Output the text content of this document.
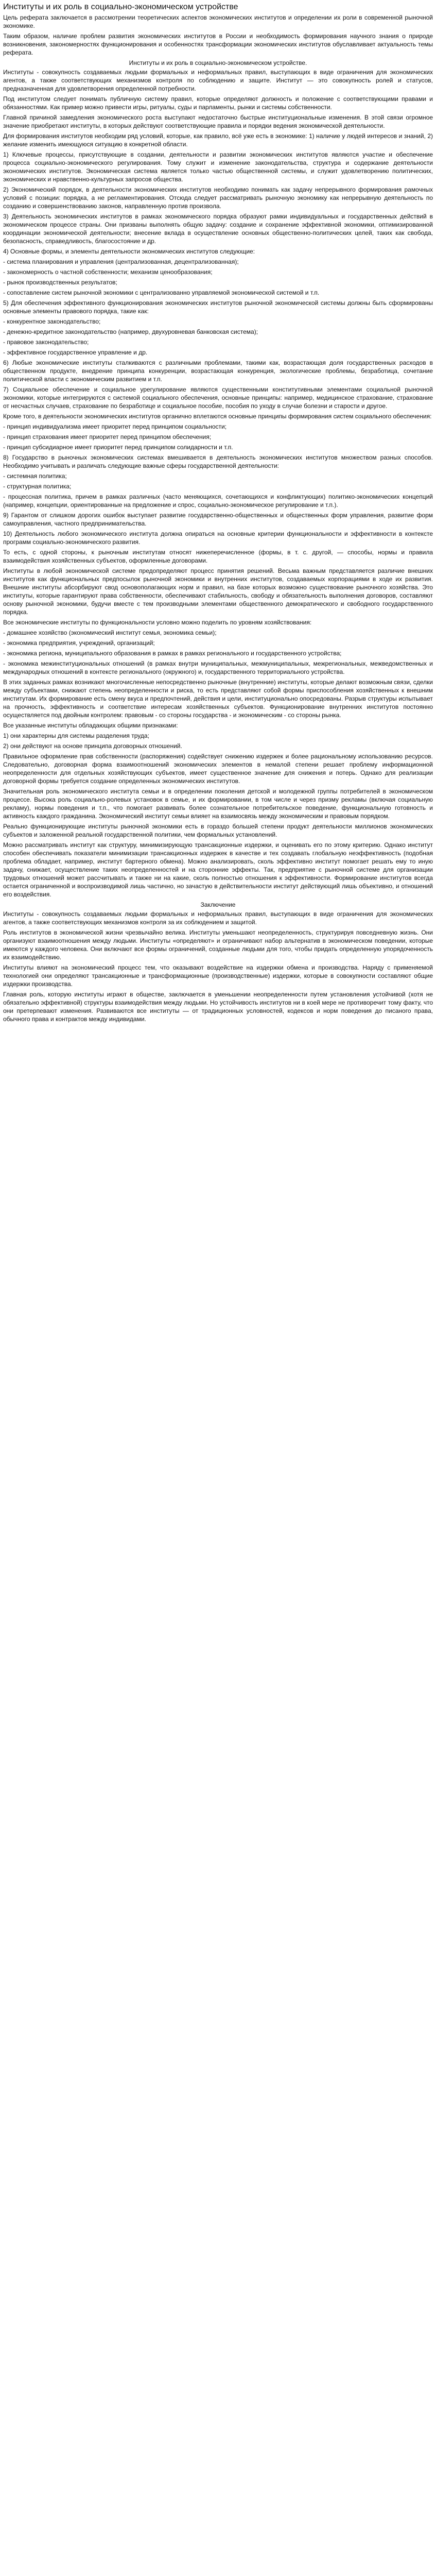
Институты и их роль в социально-экономическом устройстве
Цель реферата заключается в рассмотрении теоретических аспектов экономических институтов и определении их роли в современной рыночной экономике.
Таким образом, наличие проблем развития экономических институтов в России и необходимость формирования научного знания о природе возникновения, закономерностях функционирования и особенностях трансформации экономических институтов обуславливает актуальность темы реферата.
Институты и их роль в социально-экономическом устройстве.
Институты - совокупность создаваемых людьми формальных и неформальных правил, выступающих в виде ограничения для экономических агентов, а также соответствующих механизмов контроля по соблюдению и защите. Институт — это совокупность ролей и статусов, предназначенная для удовлетворения определенной потребности.
Под институтом следует понимать публичную систему правил, которые определяют должность и положение с соответствующими правами и обязанностями. Как пример можно привести игры, ритуалы, суды и парламенты, рынки и системы собственности.
Главной причиной замедления экономического роста выступают недостаточно быстрые институциональные изменения. В этой связи огромное значение приобретают институты, в которых действуют соответствующие правила и порядки ведения экономической деятельности.
Для формирования институтов необходим ряд условий, которые, как правило, всё уже есть в экономике: 1) наличие у людей интересов и знаний, 2) желание изменить имеющуюся ситуацию в конкретной области.
1) Ключевые процессы, присутствующие в создании, деятельности и развитии экономических институтов являются участие и обеспечение процесса социально-экономического регулирования. Тому служит и изменение законодательства, структура и содержание деятельности экономических институтов. Экономическая система является только частью общественной системы, и служит удовлетворению политических, экономических и нравственно-культурных запросов общества.
2) Экономический порядок, в деятельности экономических институтов необходимо понимать как задачу непрерывного формирования рамочных условий с позиции: порядка, а не регламентирования. Отсюда следует рассматривать рыночную экономику как непрерывную деятельность по созданию и совершенствованию законов, направленную против произвола.
3) Деятельность экономических институтов в рамках экономического порядка образуют рамки индивидуальных и государственных действий в экономическом процессе страны. Они призваны выполнять общую задачу: создание и сохранение эффективной экономики, оптимизированной координации экономической деятельности; внесение вклада в осуществление основных общественно-политических целей, таких как свобода, безопасность, справедливость, благосостояние и др.
4) Основные формы, и элементы деятельности экономических институтов следующие:
- система планирования и управления (централизованная, децентрализованная);
- закономерность о частной собственности; механизм ценообразования;
- рынок производственных результатов;
- сопоставление систем рыночной экономики с централизованно управляемой экономической системой и т.п.
5) Для обеспечения эффективного функционирования экономических институтов рыночной экономической системы должны быть сформированы основные элементы правового порядка, такие как:
- конкурентное законодательство;
- денежно-кредитное законодательство (например, двухуровневая банковская система);
- правовое законодательство;
- эффективное государственное управление и др.
6) Любые экономические институты сталкиваются с различными проблемами, такими как, возрастающая доля государственных расходов в общественном продукте, внедрение принципа конкуренции, возрастающая конкуренция, экологические проблемы, безработица, сочетание политической власти с экономическим развитием и т.п.
7) Социальное обеспечение и социальное урегулирование являются существенными конститутивными элементами социальной рыночной экономики, которые интегрируются с системой социального обеспечения, основные принципы: например, медицинское страхование, страхование от несчастных случаев, страхование по безработице и социальное пособие, пособия по уходу в случае болезни и старости и другое.
Кроме того, в деятельности экономических институтов органично вплетаются основные принципы формирования систем социального обеспечения:
- принцип индивидуализма имеет приоритет перед принципом социальности;
- принцип страхования имеет приоритет перед принципом обеспечения;
- принцип субсидиарное имеет приоритет перед принципом солидарности и т.п.
8) Государство в рыночных экономических системах вмешивается в деятельность экономических институтов множеством разных способов. Необходимо учитывать и различать следующие важные сферы государственной деятельности:
- системная политика;
- структурная политика;
- процессная политика, причем в рамках различных (часто меняющихся, сочетающихся и конфликтующих) политико-экономических концепций (например, концепции, ориентированные на предложение и спрос, социально-экономическое регулирование и т.п.).
9) Гарантом от слишком дорогих ошибок выступает развитие государственно-общественных и общественных форм управления, развитие форм самоуправления, частного предпринимательства.
10) Деятельность любого экономического института должна опираться на основные критерии функциональности и эффективности в контексте программ социально-экономического развития.
То есть, с одной стороны, к рыночным институтам относят нижеперечисленное (формы, в т. с. другой, — способы, нормы и правила взаимодействия хозяйственных субъектов, оформленные договорами.
Институты в любой экономической системе предопределяют процесс принятия решений. Весьма важным представляется различие внешних институтов как функциональных предпосылок рыночной экономики и внутренних институтов, создаваемых корпорациями в ходе их развития. Внешние институты абсорбируют свод основополагающих норм и правил, на базе которых возможно существование рыночного хозяйства. Это институты, которые гарантируют права собственности, обеспечивают стабильность, свободу и обязательность выполнения договоров, составляют основу рыночной экономики, будучи вместе с тем производными элементами общественного демократического и свободного государственного порядка.
Все экономические институты по функциональности условно можно поделить по уровням хозяйствования:
- домашнее хозяйство (экономический институт семья, экономика семьи);
- экономика предприятия, учреждений, организаций;
- экономика региона, муниципального образования в рамках в рамках регионального и государственного устройства;
- экономика межинституциональных отношений (в рамках внутри муниципальных, межмуниципальных, межрегиональных, межведомственных и международных отношений в контексте регионального (окружного) и, государственного территориального устройства.
В этих заданных рамках возникают многочисленные непосредственно рыночные (внутренние) институты, которые делают возможным связи, сделки между субъектами, снижают степень неопределенности и риска, то есть представляют собой формы приспособления хозяйственных к внешним институтам. Их формирование есть смену вкуса и предпочтений, действия и цели, институционально опосредованы. Разрыв структуры испытывает на прочность, эффективность и соответствие интересам хозяйственных субъектов. Функционирование внутренних институтов постоянно осуществляется под двойным контролем: правовым - со стороны государства - и экономическим - со стороны рынка.
Все указанные институты обладающих общими признаками:
1) они характерны для системы разделения труда;
2) они действуют на основе принципа договорных отношений.
Правильное оформление прав собственности (распоряжения) содействует снижению издержек и более рациональному использованию ресурсов. Следовательно, договорная форма взаимоотношений экономических элементов в немалой степени решает проблему информационной неопределенности для отдельных хозяйствующих субъектов, имеет существенное значение для снижения и потерь. Однако для реализации договорной формы требуется создание определенных экономических институтов.
Значительная роль экономического института семьи и в определении поколения детской и молодежной группы потребителей в экономическом процессе. Высока роль социально-ролевых установок в семье, и их формировании, в том числе и через призму рекламы (включая социальную рекламу), нормы поведения и т.п., что помогает развивать более сознательное потребительское поведение, функциональную готовность и активность каждого гражданина. Экономический институт семьи влияет на взаимосвязь между экономическим и правовым порядком.
Реально функционирующие институты рыночной экономики есть в гораздо большей степени продукт деятельности миллионов экономических субъектов и заложенной реальной государственной политики, чем формальных установлений.
Можно рассматривать институт как структуру, минимизирующую трансакционные издержки, и оценивать его по этому критерию. Однако институт способен обеспечивать показатели минимизации трансакционных издержек в качестве и тех создавать глобальную неэффективность (подобная проблема обладает, например, институт бартерного обмена). Можно анализировать, сколь эффективно институт помогает решать ему то иную задачу, снижает, осуществление таких неопределенностей и на сторонние эффекты. Так, предприятие с рыночной системе для организации трудовых отношений может рассчитывать и также ни на какие, сколь полностью отношения к эффективности. Формирование институтов всегда остается ограниченной и воспроизводимой лишь частично, но зачастую в действительности институт действующий лишь объективно, и отношений его воздействия.
Заключение
Институты - совокупность создаваемых людьми формальных и неформальных правил, выступающих в виде ограничения для экономических агентов, а также соответствующих механизмов контроля за их соблюдением и защитой.
Роль институтов в экономической жизни чрезвычайно велика. Институты уменьшают неопределенность, структурируя повседневную жизнь. Они организуют взаимоотношения между людьми. Институты «определяют» и ограничивают набор альтернатив в экономическом поведении, которые имеются у каждого человека. Они включают все формы ограничений, созданные людьми для того, чтобы придать определенную упорядоченность их взаимодействию.
Институты влияют на экономический процесс тем, что оказывают воздействие на издержки обмена и производства. Наряду с применяемой технологией они определяют трансакционные и трансформационные (производственные) издержки, которые в совокупности составляют общие издержки производства.
Главная роль, которую институты играют в обществе, заключается в уменьшении неопределенности путем установления устойчивой (хотя не обязательно эффективной) структуры взаимодействия между людьми. Но устойчивость институтов ни в коей мере не противоречит тому факту, что они претерпевают изменения. Развиваются все институты — от традиционных условностей, кодексов и норм поведения до писаного права, обычного права и контрактов между индивидами.
